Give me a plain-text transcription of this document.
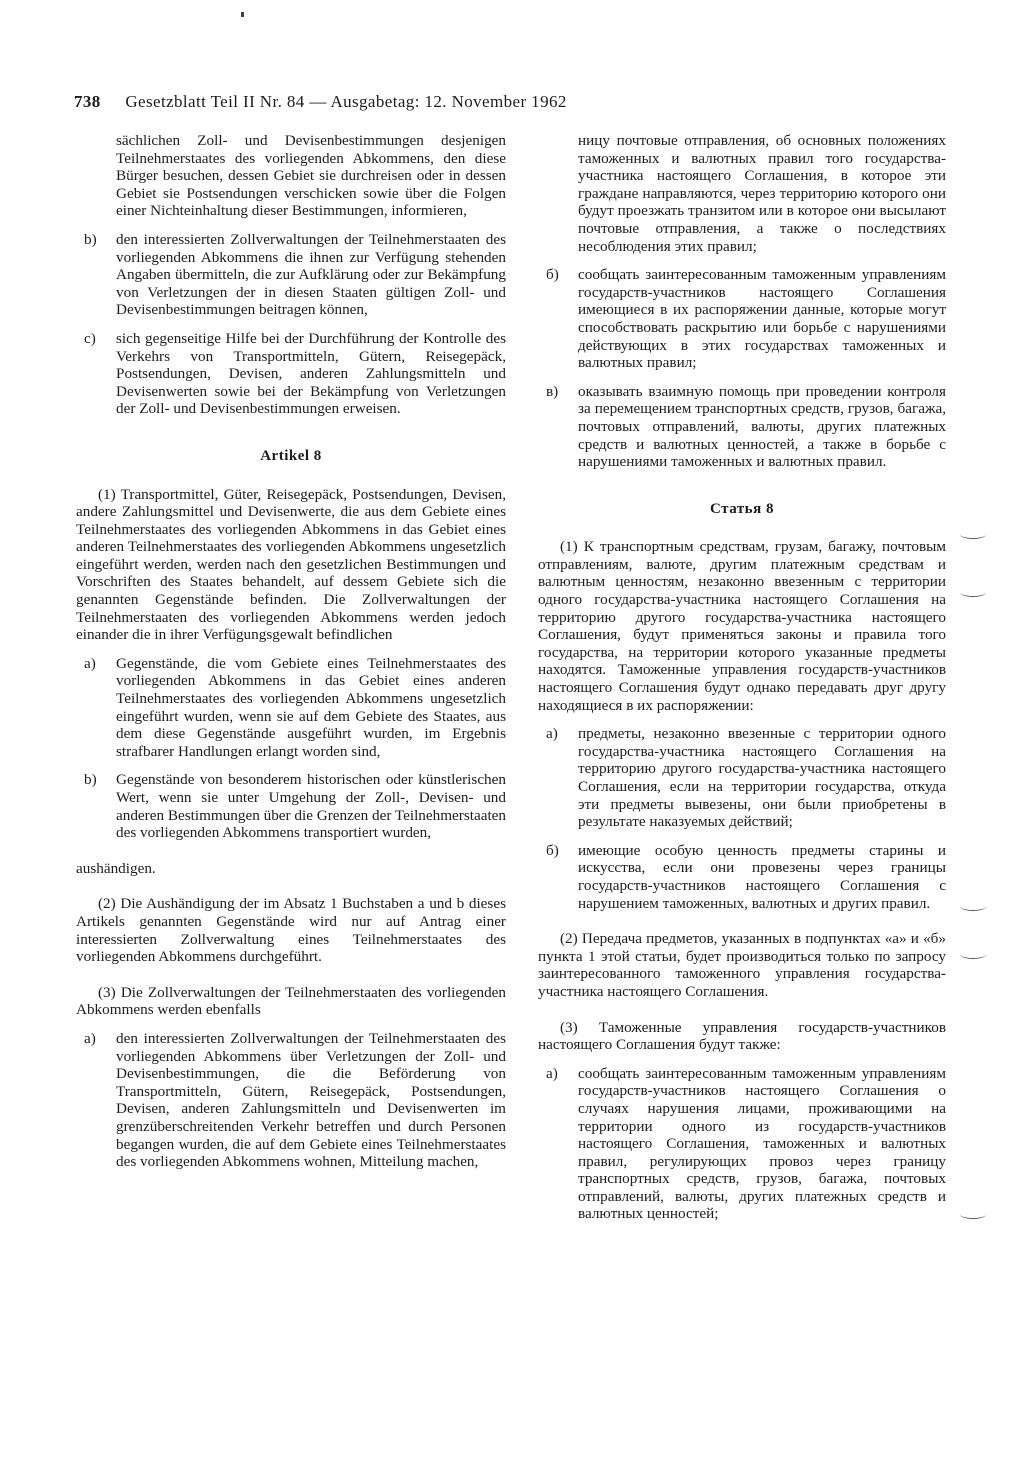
738 Gesetzblatt Teil II Nr. 84 — Ausgabetag: 12. November 1962

sächlichen Zoll- und Devisenbestimmungen desjenigen Teilnehmerstaates des vorliegenden Abkommens, den diese Bürger besuchen, dessen Gebiet sie durchreisen oder in dessen Gebiet sie Postsendungen verschicken sowie über die Folgen einer Nichteinhaltung dieser Bestimmungen, informieren,

b)	den interessierten Zollverwaltungen der Teilnehmerstaaten des vorliegenden Abkommens die ihnen zur Verfügung stehenden Angaben übermitteln, die zur Aufklärung oder zur Bekämpfung von Verletzungen der in diesen Staaten gültigen Zoll- und Devisenbestimmungen beitragen können,
c)	sich gegenseitige Hilfe bei der Durchführung der Kontrolle des Verkehrs von Transportmitteln, Gütern, Reisegepäck, Postsendungen, Devisen, anderen Zahlungsmitteln und Devisenwerten sowie bei der Bekämpfung von Verletzungen der Zoll- und Devisenbestimmungen erweisen.
Artikel 8

(1) Transportmittel, Güter, Reisegepäck, Postsendungen, Devisen, andere Zahlungsmittel und Devisenwerte, die aus dem Gebiete eines Teilnehmerstaates des vorliegenden Abkommens in das Gebiet eines anderen Teilnehmerstaates des vorliegenden Abkommens ungesetzlich eingeführt werden, werden nach den gesetzlichen Bestimmungen und Vorschriften des Staates behandelt, auf dessem Gebiete sich die genannten Gegenstände befinden. Die Zollverwaltungen der Teilnehmerstaaten des vorliegenden Abkommens werden jedoch einander die in ihrer Verfügungsgewalt befindlichen

a)	Gegenstände, die vom Gebiete eines Teilnehmerstaates des vorliegenden Abkommens in das Gebiet eines anderen Teilnehmerstaates des vorliegenden Abkommens ungesetzlich eingeführt wurden, wenn sie auf dem Gebiete des Staates, aus dem diese Gegenstände ausgeführt wurden, im Ergebnis strafbarer Handlungen erlangt worden sind,
b)	Gegenstände von besonderem historischen oder künstlerischen Wert, wenn sie unter Umgehung der Zoll-, Devisen- und anderen Bestimmungen über die Grenzen der Teilnehmerstaaten des vorliegenden Abkommens transportiert wurden,

aushändigen.

(2) Die Aushändigung der im Absatz 1 Buchstaben a und b dieses Artikels genannten Gegenstände wird nur auf Antrag einer interessierten Zollverwaltung eines Teilnehmerstaates des vorliegenden Abkommens durchgeführt.

(3) Die Zollverwaltungen der Teilnehmerstaaten des vorliegenden Abkommens werden ebenfalls

a)	den interessierten Zollverwaltungen der Teilnehmerstaaten des vorliegenden Abkommens über Verletzungen der Zoll- und Devisenbestimmungen, die die Beförderung von Transportmitteln, Gütern, Reisegepäck, Postsendungen, Devisen, anderen Zahlungsmitteln und Devisenwerten im grenzüberschreitenden Verkehr betreffen und durch Personen begangen wurden, die auf dem Gebiete eines Teilnehmerstaates des vorliegenden Abkommens wohnen, Mitteilung machen,

ницу почтовые отправления, об основных положениях таможенных и валютных правил того государства-участника настоящего Соглашения, в которое эти граждане направляются, через территорию которого они будут проезжать транзитом или в которое они высылают почтовые отправления, а также о последствиях несоблюдения этих правил;

б)	сообщать заинтересованным таможенным управлениям государств-участников настоящего Соглашения имеющиеся в их распоряжении данные, которые могут способствовать раскрытию или борьбе с нарушениями действующих в этих государствах таможенных и валютных правил;
в)	оказывать взаимную помощь при проведении контроля за перемещением транспортных средств, грузов, багажа, почтовых отправлений, валюты, других платежных средств и валютных ценностей, а также в борьбе с нарушениями таможенных и валютных правил.
Статья 8

(1) К транспортным средствам, грузам, багажу, почтовым отправлениям, валюте, другим платежным средствам и валютным ценностям, незаконно ввезенным с территории одного государства-участника настоящего Соглашения на территорию другого государства-участника настоящего Соглашения, будут применяться законы и правила того государства, на территории которого указанные предметы находятся. Таможенные управления государств-участников настоящего Соглашения будут однако передавать друг другу находящиеся в их распоряжении:

а)	предметы, незаконно ввезенные с территории одного государства-участника настоящего Соглашения на территорию другого государства-участника настоящего Соглашения, если на территории государства, откуда эти предметы вывезены, они были приобретены в результате наказуемых действий;
б)	имеющие особую ценность предметы старины и искусства, если они провезены через границы государств-участников настоящего Соглашения с нарушением таможенных, валютных и других правил.

(2) Передача предметов, указанных в подпунктах «а» и «б» пункта 1 этой статьи, будет производиться только по запросу заинтересованного таможенного управления государства-участника настоящего Соглашения.

(3) Таможенные управления государств-участников настоящего Соглашения будут также:

а)	сообщать заинтересованным таможенным управлениям государств-участников настоящего Соглашения о случаях нарушения лицами, проживающими на территории одного из государств-участников настоящего Соглашения, таможенных и валютных правил, регулирующих провоз через границу транспортных средств, грузов, багажа, почтовых отправлений, валюты, других платежных средств и валютных ценностей;
